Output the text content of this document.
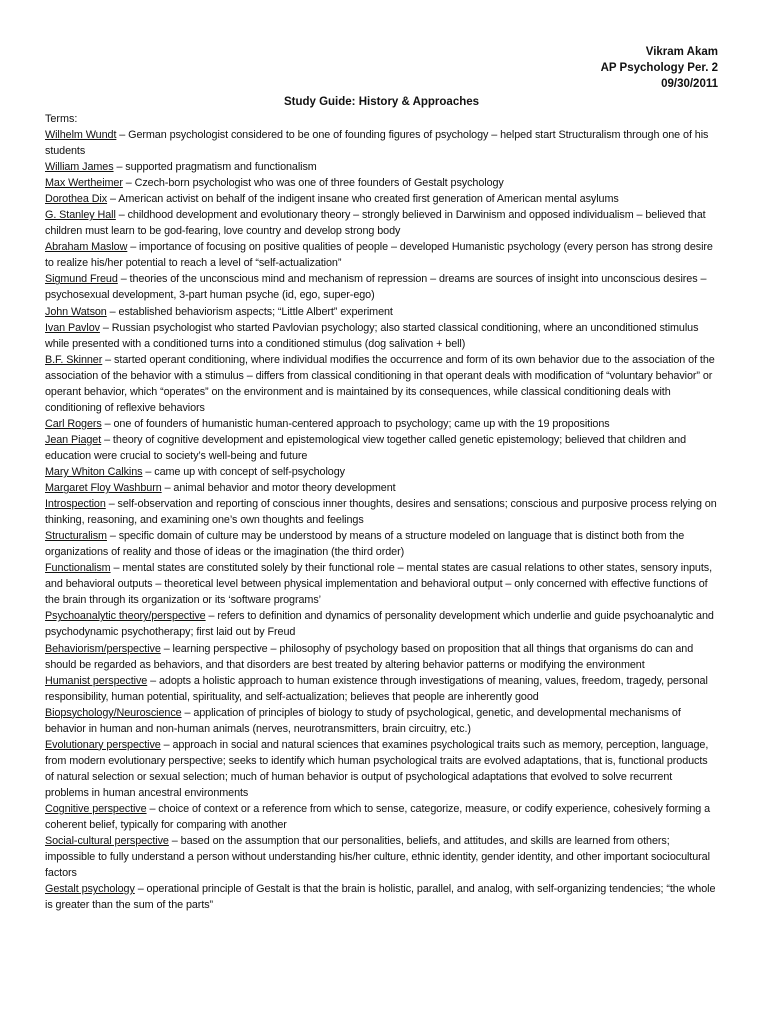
Vikram Akam
AP Psychology Per. 2
09/30/2011
Study Guide: History & Approaches
Terms:

Wilhelm Wundt – German psychologist considered to be one of founding figures of psychology – helped start Structuralism through one of his students

William James – supported pragmatism and functionalism

Max Wertheimer – Czech-born psychologist who was one of three founders of Gestalt psychology

Dorothea Dix – American activist on behalf of the indigent insane who created first generation of American mental asylums

G. Stanley Hall – childhood development and evolutionary theory – strongly believed in Darwinism and opposed individualism – believed that children must learn to be god-fearing, love country and develop strong body

Abraham Maslow – importance of focusing on positive qualities of people – developed Humanistic psychology (every person has strong desire to realize his/her potential to reach a level of “self-actualization”

Sigmund Freud – theories of the unconscious mind and mechanism of repression – dreams are sources of insight into unconscious desires – psychosexual development, 3-part human psyche (id, ego, super-ego)

John Watson – established behaviorism aspects; “Little Albert” experiment

Ivan Pavlov – Russian psychologist who started Pavlovian psychology; also started classical conditioning, where an unconditioned stimulus while presented with a conditioned turns into a conditioned stimulus (dog salivation + bell)

B.F. Skinner – started operant conditioning, where individual modifies the occurrence and form of its own behavior due to the association of the association of the behavior with a stimulus – differs from classical conditioning in that operant deals with modification of “voluntary behavior” or operant behavior, which “operates” on the environment and is maintained by its consequences, while classical conditioning deals with conditioning of reflexive behaviors

Carl Rogers – one of founders of humanistic human-centered approach to psychology; came up with the 19 propositions

Jean Piaget – theory of cognitive development and epistemological view together called genetic epistemology; believed that children and education were crucial to society’s well-being and future

Mary Whiton Calkins – came up with concept of self-psychology

Margaret Floy Washburn – animal behavior and motor theory development

Introspection – self-observation and reporting of conscious inner thoughts, desires and sensations; conscious and purposive process relying on thinking, reasoning, and examining one’s own thoughts and feelings

Structuralism – specific domain of culture may be understood by means of a structure modeled on language that is distinct both from the organizations of reality and those of ideas or the imagination (the third order)

Functionalism – mental states are constituted solely by their functional role – mental states are casual relations to other states, sensory inputs, and behavioral outputs – theoretical level between physical implementation and behavioral output – only concerned with effective functions of the brain through its organization or its ‘software programs’

Psychoanalytic theory/perspective – refers to definition and dynamics of personality development which underlie and guide psychoanalytic and psychodynamic psychotherapy; first laid out by Freud

Behaviorism/perspective – learning perspective – philosophy of psychology based on proposition that all things that organisms do can and should be regarded as behaviors, and that disorders are best treated by altering behavior patterns or modifying the environment

Humanist perspective – adopts a holistic approach to human existence through investigations of meaning, values, freedom, tragedy, personal responsibility, human potential, spirituality, and self-actualization; believes that people are inherently good

Biopsychology/Neuroscience – application of principles of biology to study of psychological, genetic, and developmental mechanisms of behavior in human and non-human animals (nerves, neurotransmitters, brain circuitry, etc.)

Evolutionary perspective – approach in social and natural sciences that examines psychological traits such as memory, perception, language, from modern evolutionary perspective; seeks to identify which human psychological traits are evolved adaptations, that is, functional products of natural selection or sexual selection; much of human behavior is output of psychological adaptations that evolved to solve recurrent problems in human ancestral environments

Cognitive perspective – choice of context or a reference from which to sense, categorize, measure, or codify experience, cohesively forming a coherent belief, typically for comparing with another

Social-cultural perspective – based on the assumption that our personalities, beliefs, and attitudes, and skills are learned from others; impossible to fully understand a person without understanding his/her culture, ethnic identity, gender identity, and other important sociocultural factors

Gestalt psychology – operational principle of Gestalt is that the brain is holistic, parallel, and analog, with self-organizing tendencies; “the whole is greater than the sum of the parts”
